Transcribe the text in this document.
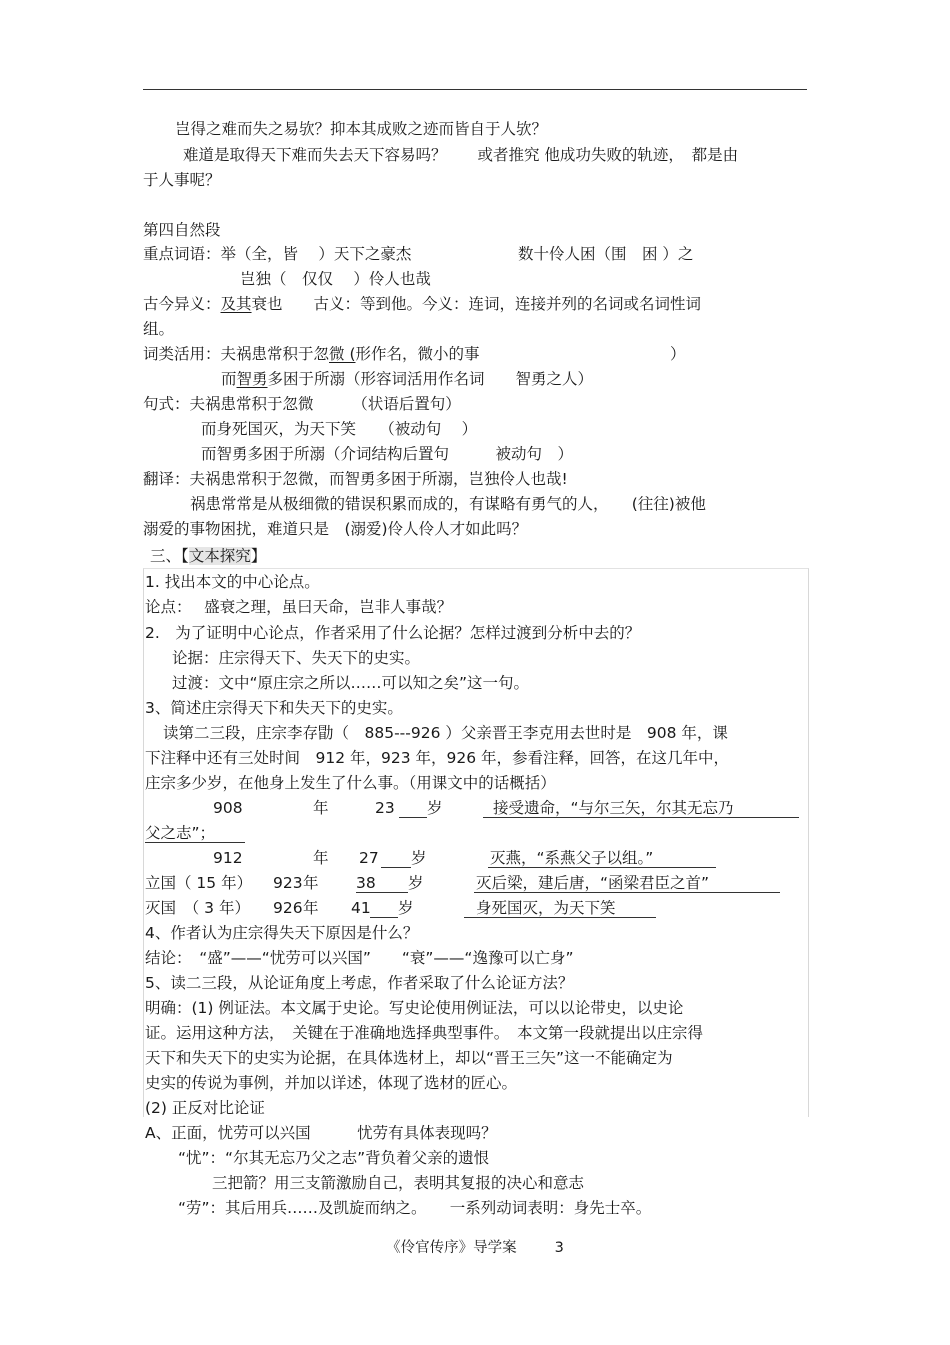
岂得之难而失之易欤？抑本其成败之迹而皆自于人欤？
难道是取得天下难而失去天下容易吗？　　或者推究 他成功失败的轨迹，　都是由
于人事呢？
第四自然段
重点词语：举（全，皆　 ）天下之豪杰	数十伶人困（围　困 ）之
岂独（　仅仅　 ）伶人也哉
古今异义：及其衰也　　古义：等到他。今义：连词，连接并列的名词或名词性词
组。
词类活用：夫祸患常积于忽微 (形作名，微小的事	）
而智勇多困于所溺（形容词活用作名词　　智勇之人）
句式：夫祸患常积于忽微　　　（状语后置句）
而身死国灭，为天下笑　　（被动句　 ）
而智勇多困于所溺（介词结构后置句　　　被动句　）
翻译：夫祸患常积于忽微，而智勇多困于所溺，岂独伶人也哉!
祸患常常是从极细微的错误积累而成的，有谋略有勇气的人，　　(往往)被他
溺爱的事物困扰，难道只是　(溺爱)伶人伶人才如此吗？
三、【文本探究】
1. 找出本文的中心论点。
论点：　 盛衰之理，虽曰天命，岂非人事哉？
2.　为了证明中心论点，作者采用了什么论据？怎样过渡到分析中去的？
论据：庄宗得天下、失天下的史实。
过渡：文中“原庄宗之所以……可以知之矣”这一句。
3、简述庄宗得天下和失天下的史实。
读第二三段，庄宗李存勖（　885---926 ）父亲晋王李克用去世时是　908 年，课
下注释中还有三处时间　912 年，923 年，926 年，参看注释，回答，在这几年中，
庄宗多少岁，在他身上发生了什么事。（用课文中的话概括）
908	年	23 岁	接受遗命，“与尔三矢，尔其无忘乃
父之志”；
912	年 27 岁	灭燕，“系燕父子以组。”
立国（ 15 年） 923 年 38 岁	灭后梁，建后唐，“函梁君臣之首”
灭国　（ 3 年） 926 年 41 岁	身死国灭，为天下笑
4、作者认为庄宗得失天下原因是什么？
结论：　“盛”——“忧劳可以兴国”　　“衰”——“逸豫可以亡身”
5、读二三段，从论证角度上考虑，作者采取了什么论证方法？
明确：(1) 例证法。本文属于史论。写史论使用例证法，可以以论带史，以史论
证。运用这种方法，　关键在于准确地选择典型事件。　本文第一段就提出以庄宗得
天下和失天下的史实为论据，在具体选材上，却以“晋王三矢”这一不能确定为
史实的传说为事例，并加以详述，体现了选材的匠心。
(2) 正反对比论证
A、正面，忧劳可以兴国　　　忧劳有具体表现吗？
“忧”：“尔其无忘乃父之志”背负着父亲的遗恨
三把箭？用三支箭激励自己，表明其复报的决心和意志
“劳”：其后用兵……及凯旋而纳之。　　一系列动词表明：身先士卒。
《伶官传序》导学案	3
